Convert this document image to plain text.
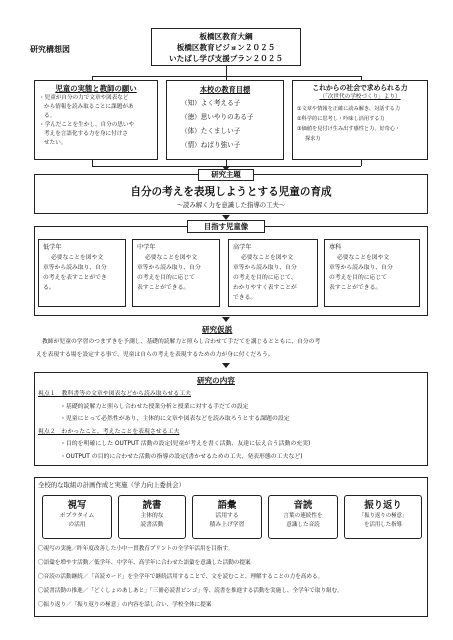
研究構想図
板橋区教育大綱
板橋区教育ビジョン２０２５
いたばし学び支援プラン２０２５
児童の実態と教師の願い
・児童が自分の力で文章や図表など
から情報を読み取ることに課題があ
る。
・学んだことを生かし、自分の思いや
考えを言語化する力を身に付けさ
せたい。
本校の教育目標
（知）よく考える子
（徳）思いやりのある子
（体）たくましい子
（情）ねばり強い子
これからの社会で求められる力
（「次世代の学校づくり」より）
①文章や情報を正確に読み解き、対話する力
②科学的に思考し・吟味し活用する力
③価値を見付け生み出す感性と力、好奇心・
探求力
研究主題
自分の考えを表現しようとする児童の育成
～読み解く力を意識した指導の工夫～
目指す児童像
低学年
必要なことを図や文
章等から読み取り、自分
の考えを表すことができ
る。
中学年
必要なことを図や文
章等から読み取り、自分
の考えを目的に応じて
表すことができる。
高学年
必要なことを図や文
章等から読み取り、自分
の考えを目的に応じて、
わかりやすく表すことが
できる。
専科
必要なことを図や文
章等から読み取り、自分
の考えを目的に応じて
表すことができる。
研究仮説
教師が児童の学習のつまずきを予測し、基礎的読解力と照らし合わせて手だてを講じるとともに、自分の考
えを表現する場を設定する事で、児童は自らの考えを表現するための力が身に付くだろう。
研究の内容
視点１　教科書等の文章や図表などから読み取らせる工夫
・基礎的読解力と照らし合わせた授業分析と授業に対する手だての設定
・児童にとって必然性があり、主体的に文章や図表などを読み取ろうとする課題の設定
視点２　わかったこと、考えたことを表現させる工夫
・目的を明確にした OUTPUT 活動の設定(児童が考えを書く活動、友達に伝え合う活動の充実)
・OUTPUT の目的に合わせた活動の指導の設定(書かせるための工夫、発表形態の工夫など)
全校的な取組の計画作成と実施（学力向上委員会）
視写
ポプラタイム
の活用
読書
主体的な
読書活動
語彙
活用する
積み上げ学習
音読
言葉の連続性を
意識した音読
振り返り
「振り返りの極意」
を活用した指導
〇視写の実施／昨年度改善した小中一貫教育プリントの全学年活用を目指す。
〇語彙を増やす活動／低学年、中学年、高学年に合わせた語彙を意識した活動の提案
〇音読の活動継続／「音読カード」を全学年で継続活用することで、文を読むこと、理解することの力を高める。
〇読書活動の推進／「どくしょのあしあと」「三冊必読書ビンゴ」等、読書を推進する活動を実施し、全学年で取り組む。
〇振り返り／「振り返りの極意」の内容を話し合い、学校全体に提案
